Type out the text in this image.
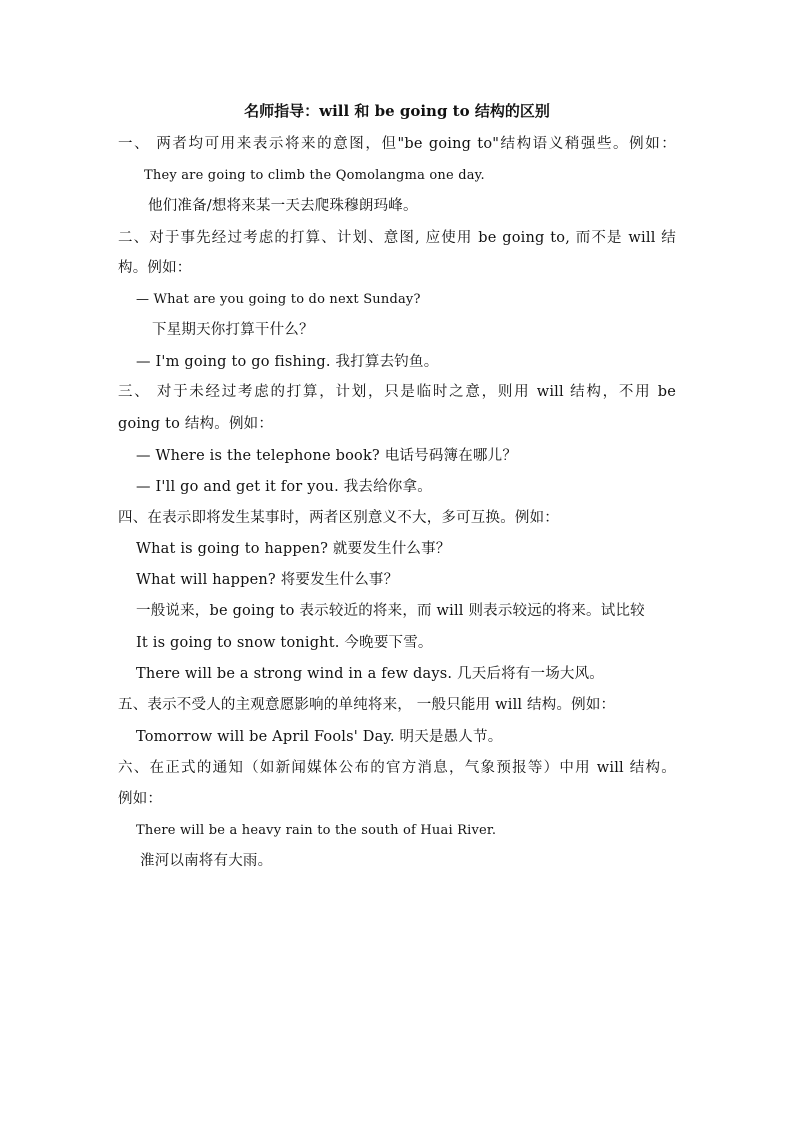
名师指导：will 和 be going to 结构的区别
一、 两者均可用来表示将来的意图，但"be going to"结构语义稍强些。例如：
They are going to climb the Qomolangma one day.
他们准备/想将来某一天去爬珠穆朗玛峰。
二、对于事先经过考虑的打算、计划、意图, 应使用 be going to, 而不是 will 结
构。例如：
— What are you going to do next Sunday?
下星期天你打算干什么？
— I'm going to go fishing. 我打算去钓鱼。
三、 对于未经过考虑的打算，计划，只是临时之意，则用 will 结构，不用 be
going to 结构。例如：
— Where is the telephone book? 电话号码簿在哪儿？
— I'll go and get it for you. 我去给你拿。
四、在表示即将发生某事时，两者区别意义不大，多可互换。例如：
What is going to happen? 就要发生什么事？
What will happen? 将要发生什么事？
一般说来，be going to 表示较近的将来，而 will 则表示较远的将来。试比较
It is going to snow tonight. 今晚要下雪。
There will be a strong wind in a few days. 几天后将有一场大风。
五、表示不受人的主观意愿影响的单纯将来， 一般只能用 will 结构。例如：
Tomorrow will be April Fools' Day. 明天是愚人节。
六、在正式的通知（如新闻媒体公布的官方消息，气象预报等）中用 will 结构。
例如：
There will be a heavy rain to the south of Huai River.
淮河以南将有大雨。
